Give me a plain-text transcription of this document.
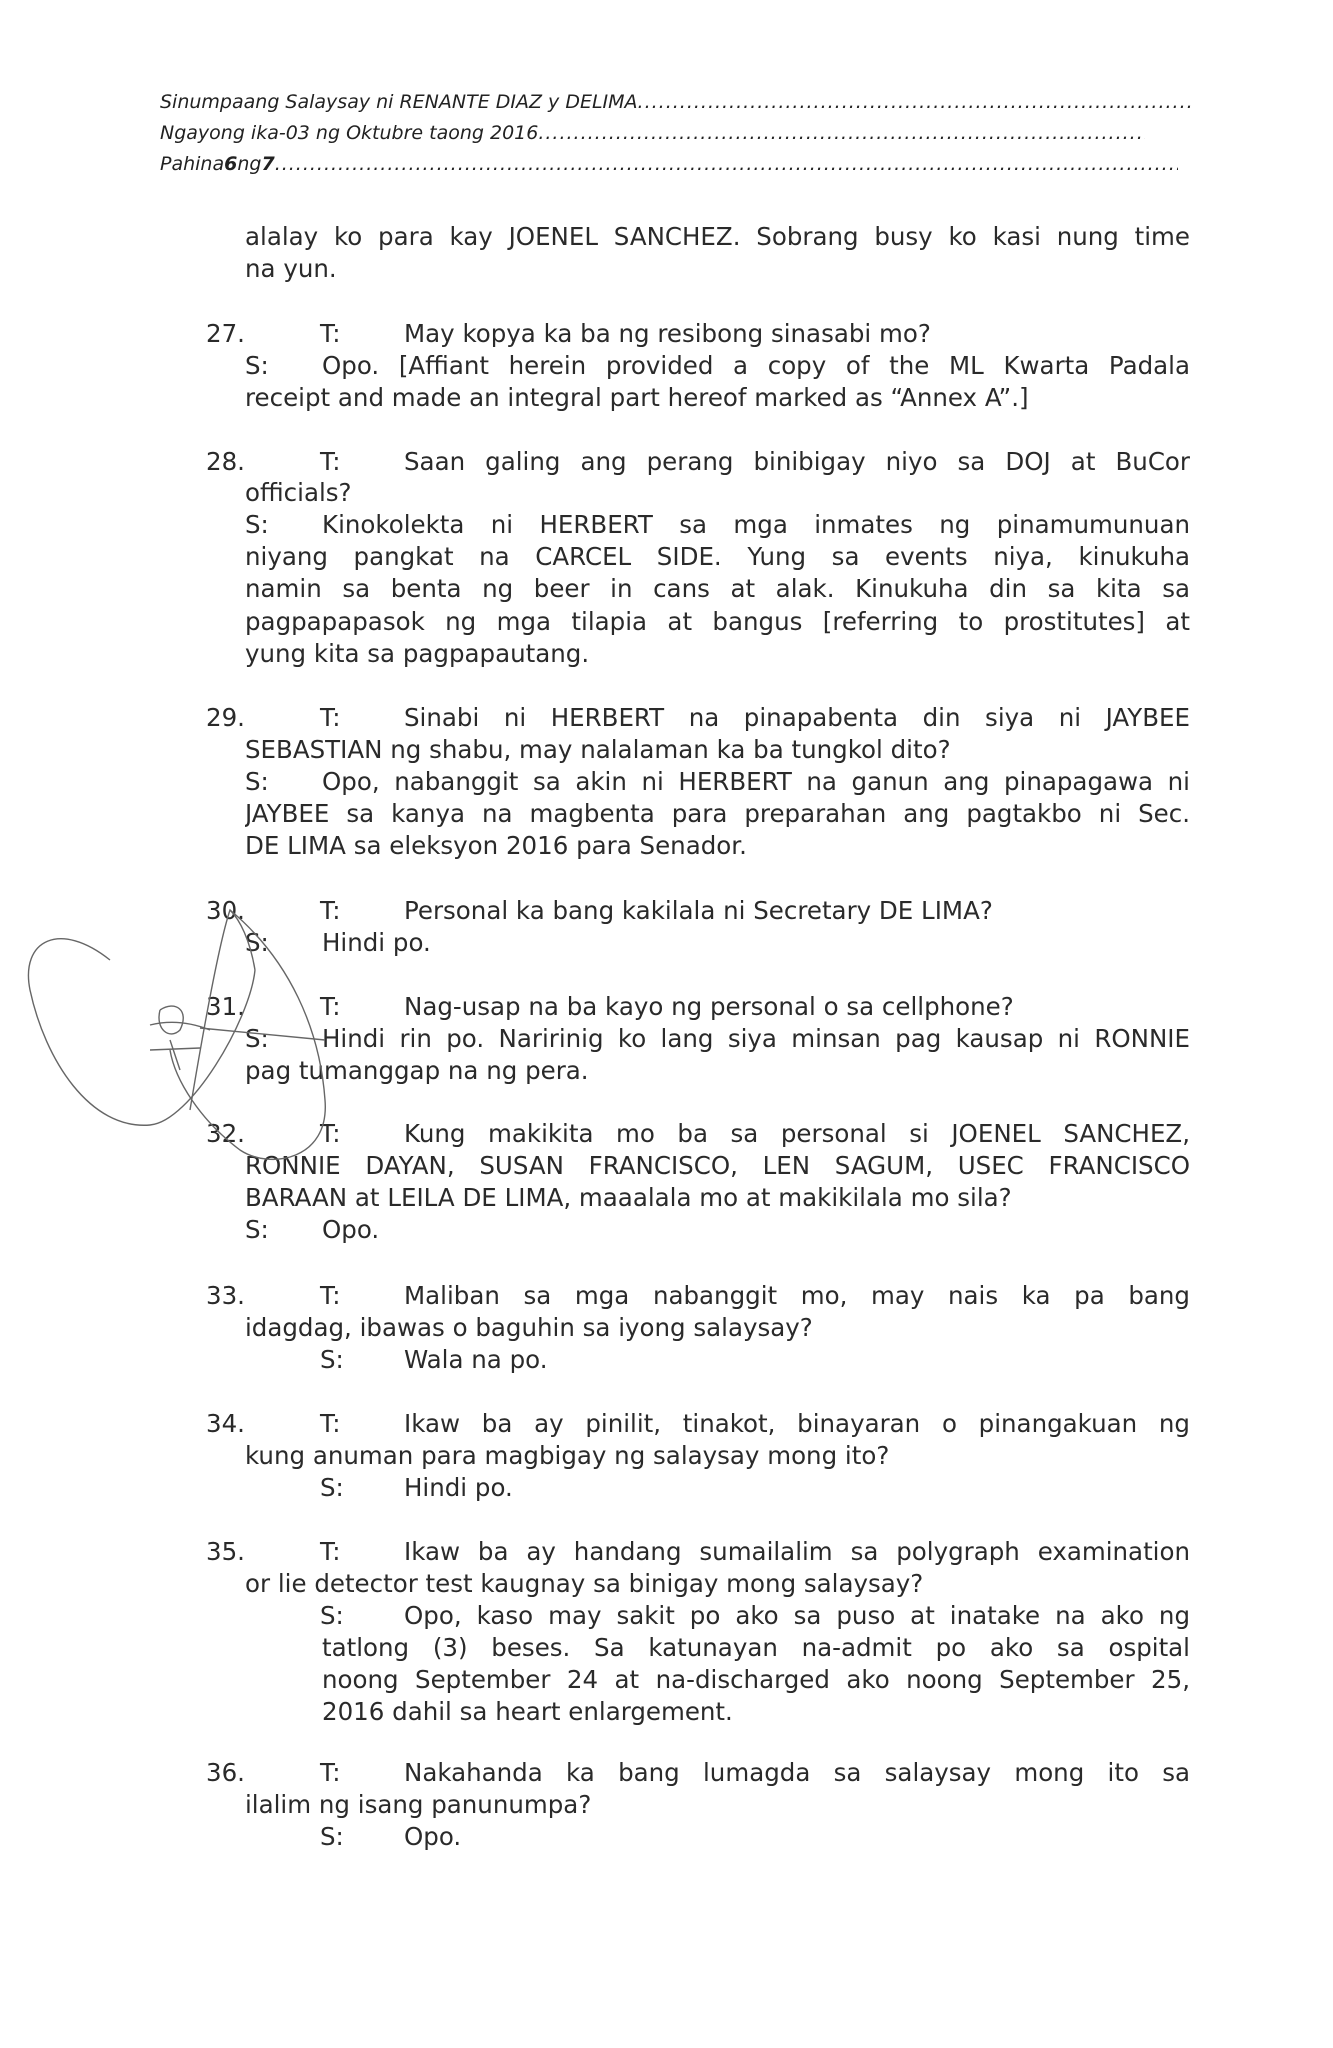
Sinumpaang Salaysay ni RENANTE DIAZ y DELIMA
.....
Ngayong ika-03 ng Oktubre taong 2016
.....
Pahina 6 ng 7
.....
alalay ko para kay JOENEL SANCHEZ. Sobrang busy ko kasi nung time
na yun.
27.	T:	May kopya ka ba ng resibong sinasabi mo?
S: Opo. [Affiant herein provided a copy of the ML Kwarta Padala
receipt and made an integral part hereof marked as “Annex A”.]
28.	T:	Saan galing ang perang binibigay niyo sa DOJ at BuCor
officials?
S: Kinokolekta ni HERBERT sa mga inmates ng pinamumunuan
niyang pangkat na CARCEL SIDE. Yung sa events niya, kinukuha
namin sa benta ng beer in cans at alak. Kinukuha din sa kita sa
pagpapapasok ng mga tilapia at bangus [referring to prostitutes] at
yung kita sa pagpapautang.
29.	T:	Sinabi ni HERBERT na pinapabenta din siya ni JAYBEE
SEBASTIAN ng shabu, may nalalaman ka ba tungkol dito?
S: Opo, nabanggit sa akin ni HERBERT na ganun ang pinapagawa ni
JAYBEE sa kanya na magbenta para preparahan ang pagtakbo ni Sec.
DE LIMA sa eleksyon 2016 para Senador.
30.	T:	Personal ka bang kakilala ni Secretary DE LIMA?
S: Hindi po.
31.	T:	Nag-usap na ba kayo ng personal o sa cellphone?
S: Hindi rin po. Naririnig ko lang siya minsan pag kausap ni RONNIE
pag tumanggap na ng pera.
32.	T:	Kung makikita mo ba sa personal si JOENEL SANCHEZ,
RONNIE DAYAN, SUSAN FRANCISCO, LEN SAGUM, USEC FRANCISCO
BARAAN at LEILA DE LIMA, maaalala mo at makikilala mo sila?
S: Opo.
33.	T:	Maliban sa mga nabanggit mo, may nais ka pa bang
idagdag, ibawas o baguhin sa iyong salaysay?
S: Wala na po.
34.	T:	Ikaw ba ay pinilit, tinakot, binayaran o pinangakuan ng
kung anuman para magbigay ng salaysay mong ito?
S: Hindi po.
35.	T:	Ikaw ba ay handang sumailalim sa polygraph examination
or lie detector test kaugnay sa binigay mong salaysay?
S: Opo, kaso may sakit po ako sa puso at inatake na ako ng
tatlong (3) beses. Sa katunayan na-admit po ako sa ospital
noong September 24 at na-discharged ako noong September 25,
2016 dahil sa heart enlargement.
36.	T:	Nakahanda ka bang lumagda sa salaysay mong ito sa
ilalim ng isang panunumpa?
S: Opo.
